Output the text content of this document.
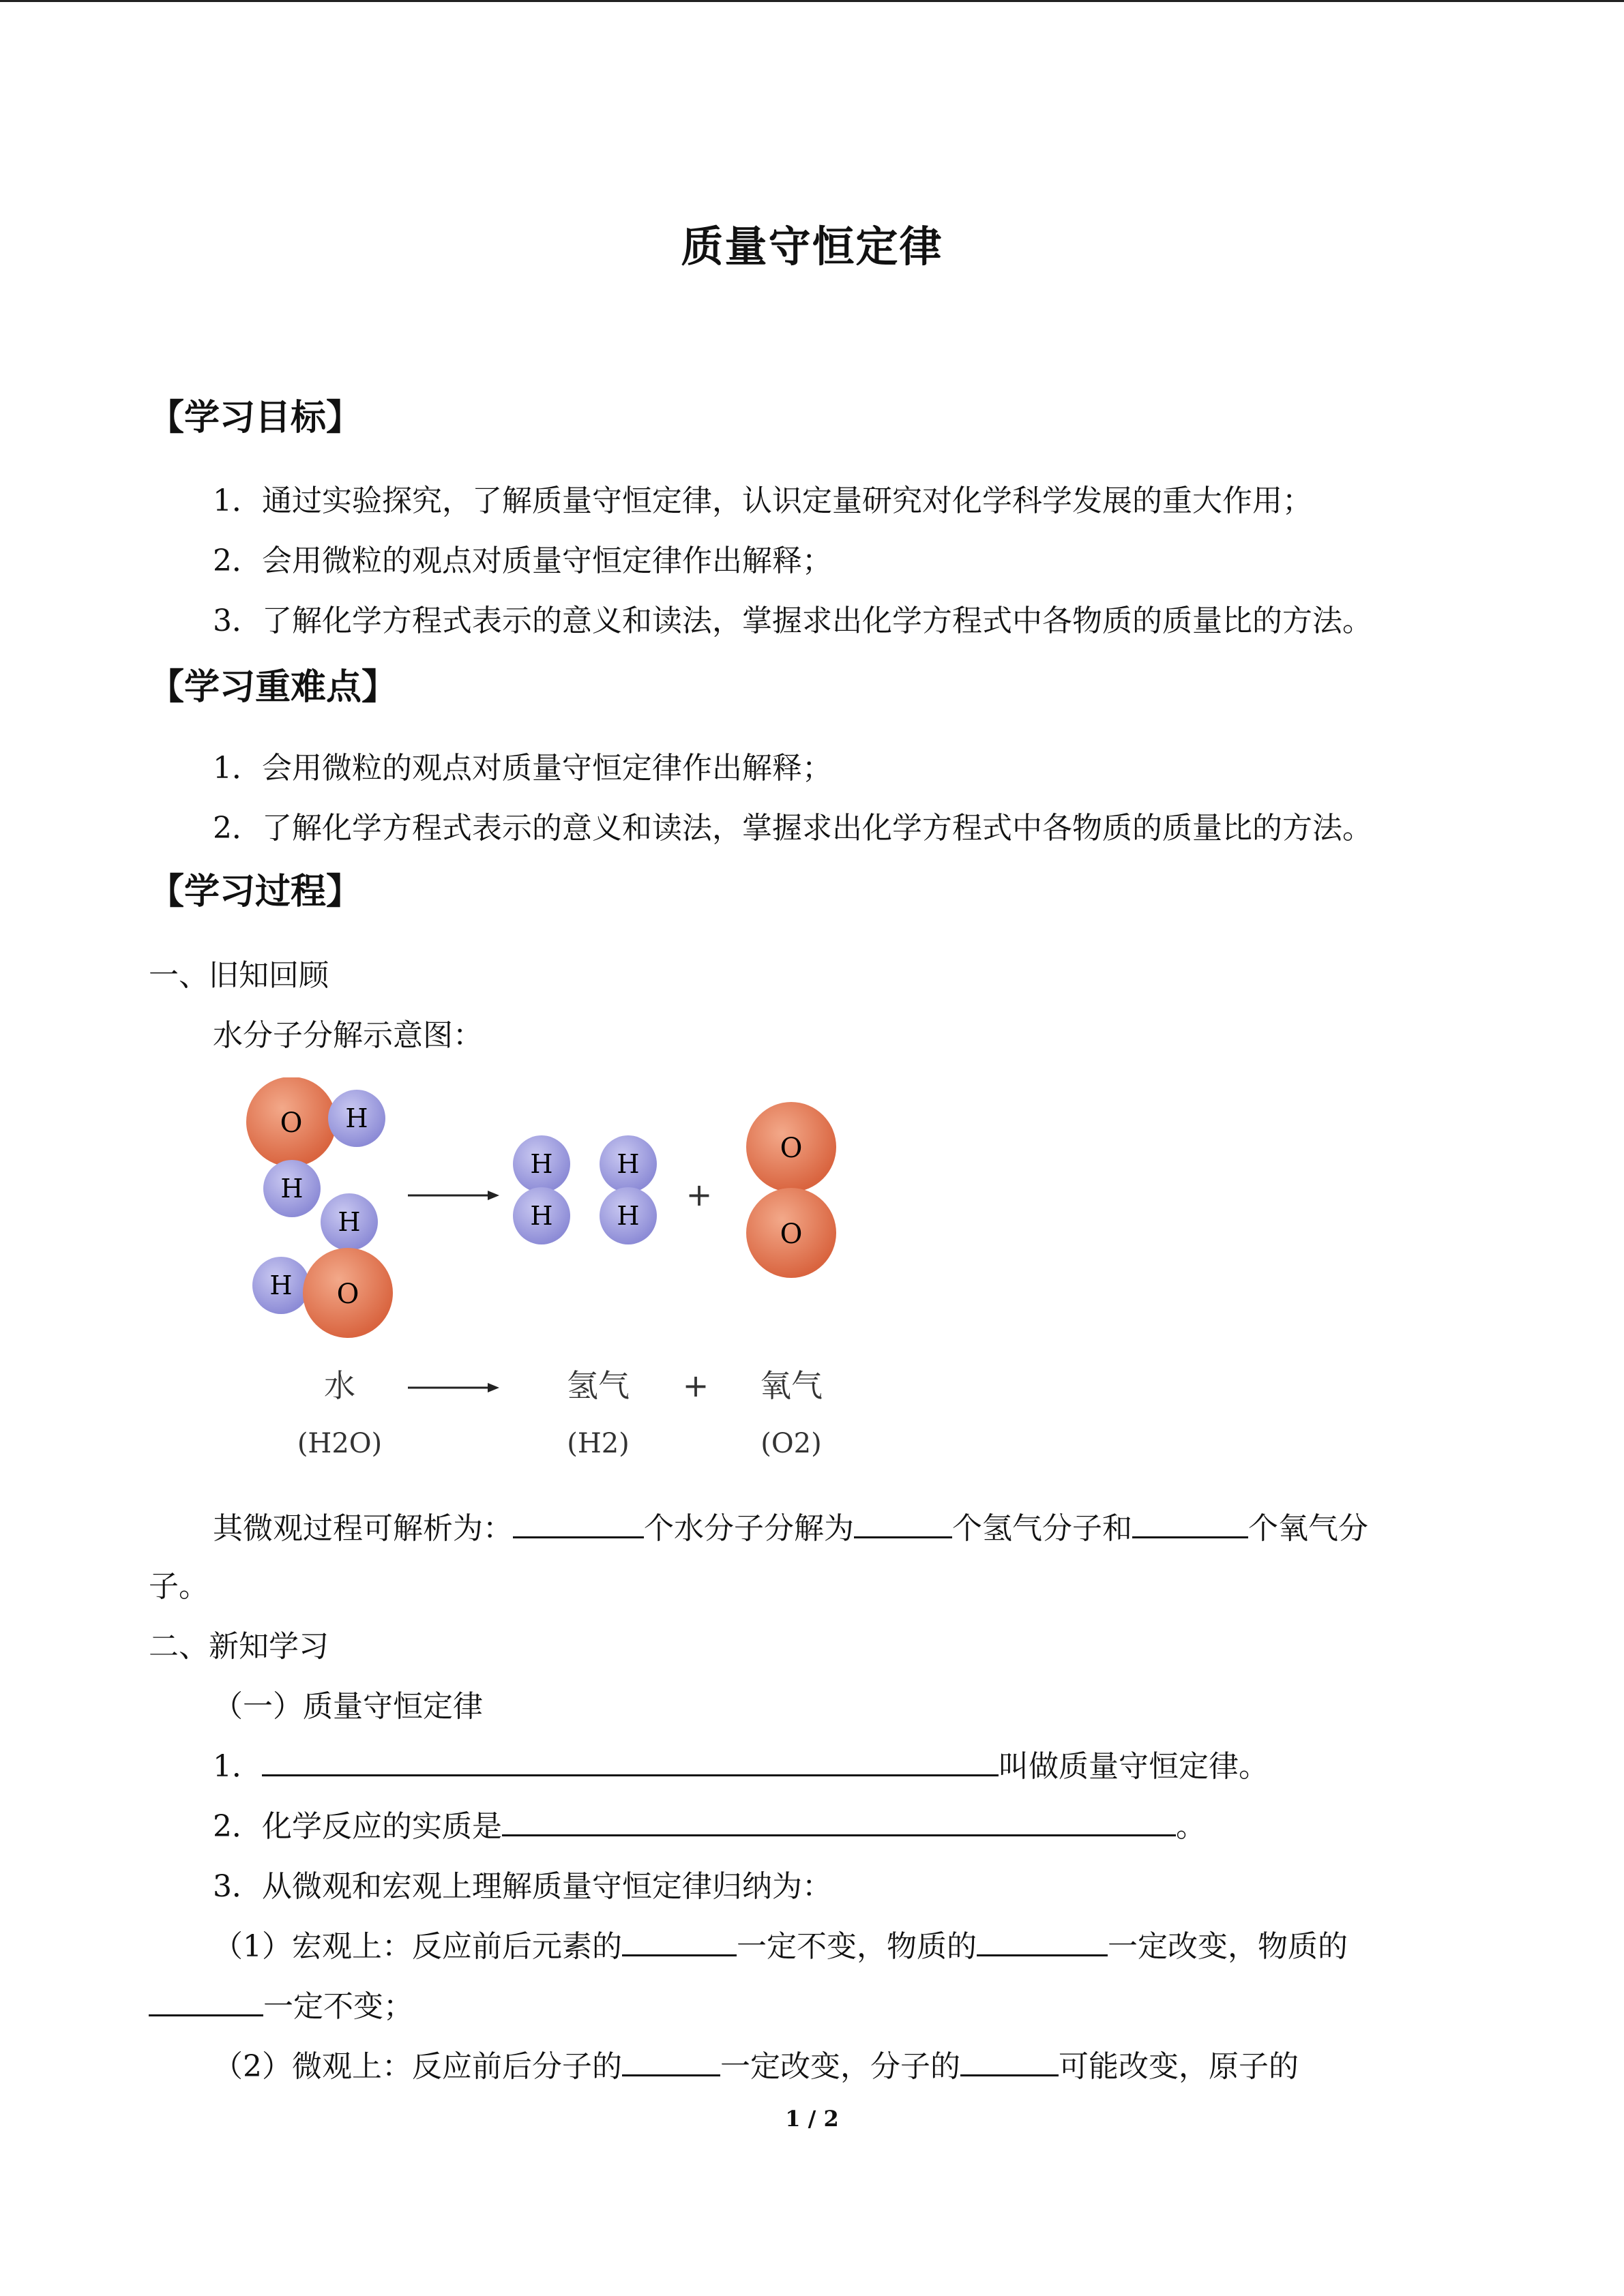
质量守恒定律
【学习目标】
1．通过实验探究，了解质量守恒定律，认识定量研究对化学科学发展的重大作用；
2．会用微粒的观点对质量守恒定律作出解释；
3．了解化学方程式表示的意义和读法，掌握求出化学方程式中各物质的质量比的方法。
【学习重难点】
1．会用微粒的观点对质量守恒定律作出解释；
2．了解化学方程式表示的意义和读法，掌握求出化学方程式中各物质的质量比的方法。
【学习过程】
一、旧知回顾
水分子分解示意图：
O H
H
H
H O
H
H
H
H
+
O
O
水	氢气 + 氧气
(H2O)	(H2)	(O2)
其微观过程可解析为：	个水分子分解为	个氢气分子和	个氧气分
子。
二、新知学习
（一）质量守恒定律
1．	叫做质量守恒定律。
2．化学反应的实质是	。
3．从微观和宏观上理解质量守恒定律归纳为：
（1）宏观上：反应前后元素的	一定不变，物质的	一定改变，物质的
一定不变；
（2）微观上：反应前后分子的	一定改变，分子的	可能改变，原子的
1 / 2
